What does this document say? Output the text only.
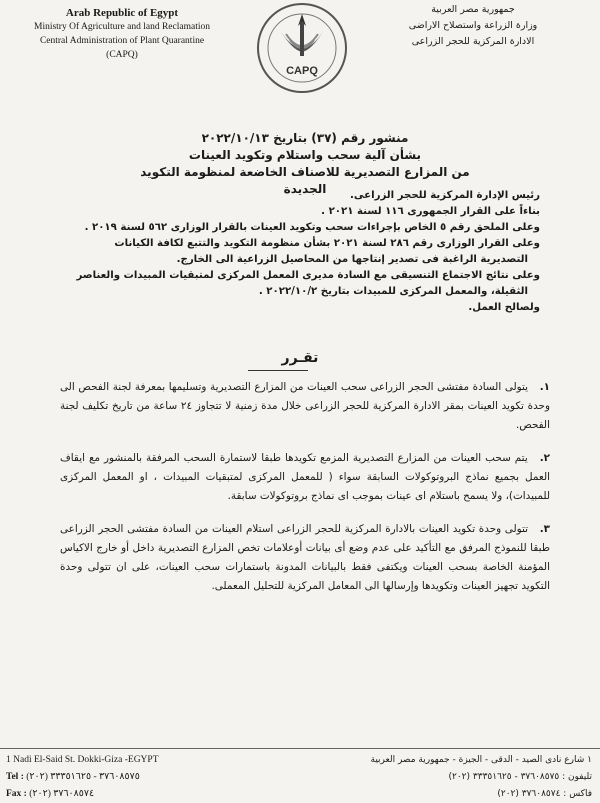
Arab Republic of Egypt
Ministry Of Agriculture and land Reclamation
Central Administration of Plant Quarantine
(CAPQ)
CAPQ
جمهورية مصر العربية
وزارة الزراعة واستصلاح الاراضى
الادارة المركزية للحجر الزراعى
منشور رقم (٣٧) بتاريخ ٢٠٢٢/١٠/١٣
بشأن آلية سحب واستلام وتكويد العينات
من المزارع التصديرية للاصناف الخاضعة لمنظومة التكويد الجديدة	رئيس الإدارة المركزية للحجر الزراعى.
بناءاً على القرار الجمهورى ١١٦ لسنة ٢٠٢١ .
وعلى الملحق رقم ٥ الخاص بإجراءات سحب وتكويد العينات بالقرار الوزارى ٥٦٢ لسنة ٢٠١٩ .
وعلى القرار الوزارى رقم ٢٨٦ لسنة ٢٠٢١ بشأن منظومة التكويد والتتبع لكافة الكيانات
التصديرية الراغبة فى تصدير إنتاجها من المحاصيل الزراعية الى الخارج.
وعلى نتائج الاجتماع التنسيقى مع السادة مديرى المعمل المركزى لمتبقيات المبيدات والعناصر
الثقيلة، والمعمل المركزى للمبيدات بتاريخ ٢٠٢٢/١٠/٢ .
ولصالح العمل.
تقـرر
١. يتولى السادة مفتشى الحجر الزراعى سحب العينات من المزارع التصديرية وتسليمها بمعرفة لجنة الفحص الى وحدة تكويد العينات بمقر الادارة المركزية للحجر الزراعى خلال مدة زمنية لا تتجاوز ٢٤ ساعة من تاريخ تكليف لجنة الفحص.
٢. يتم سحب العينات من المزارع التصديرية المزمع تكويدها طبقا لاستمارة السحب المرفقة بالمنشور مع ايقاف العمل بجميع نماذج البروتوكولات السابقة سواء ( للمعمل المركزى لمتبقيات المبيدات ، او المعمل المركزى للمبيدات)، ولا يسمح باستلام اى عينات بموجب اى نماذج بروتوكولات سابقة.
٣. تتولى وحدة تكويد العينات بالادارة المركزية للحجر الزراعى استلام العينات من السادة مفتشى الحجر الزراعى طبقا للنموذج المرفق مع التأكيد على عدم وضع أى بيانات أوعلامات تخص المزارع التصديرية داخل أو خارج الاكياس المؤمنة الخاصة بسحب العينات ويكتفى فقط بالبيانات المدونة باستمارات سحب العينات، على ان تتولى وحدة التكويد تجهيز العينات وتكويدها وإرسالها الى المعامل المركزية للتحليل المعملى.
1 Nadi El-Said St. Dokki-Giza -EGYPT
Tel : (٢٠٢) ٣٧٦٠٨٥٧٥ - ٣٣٣٥١٦٢٥
Fax : (٢٠٢) ٣٧٦٠٨٥٧٤
١ شارع نادى الصيد - الدقى - الجيزة - جمهورية مصر العربية
تليفون : ٣٧٦٠٨٥٧٥ - ٣٣٣٥١٦٢٥ (٢٠٢)
فاكس : ٣٧٦٠٨٥٧٤ (٢٠٢)
